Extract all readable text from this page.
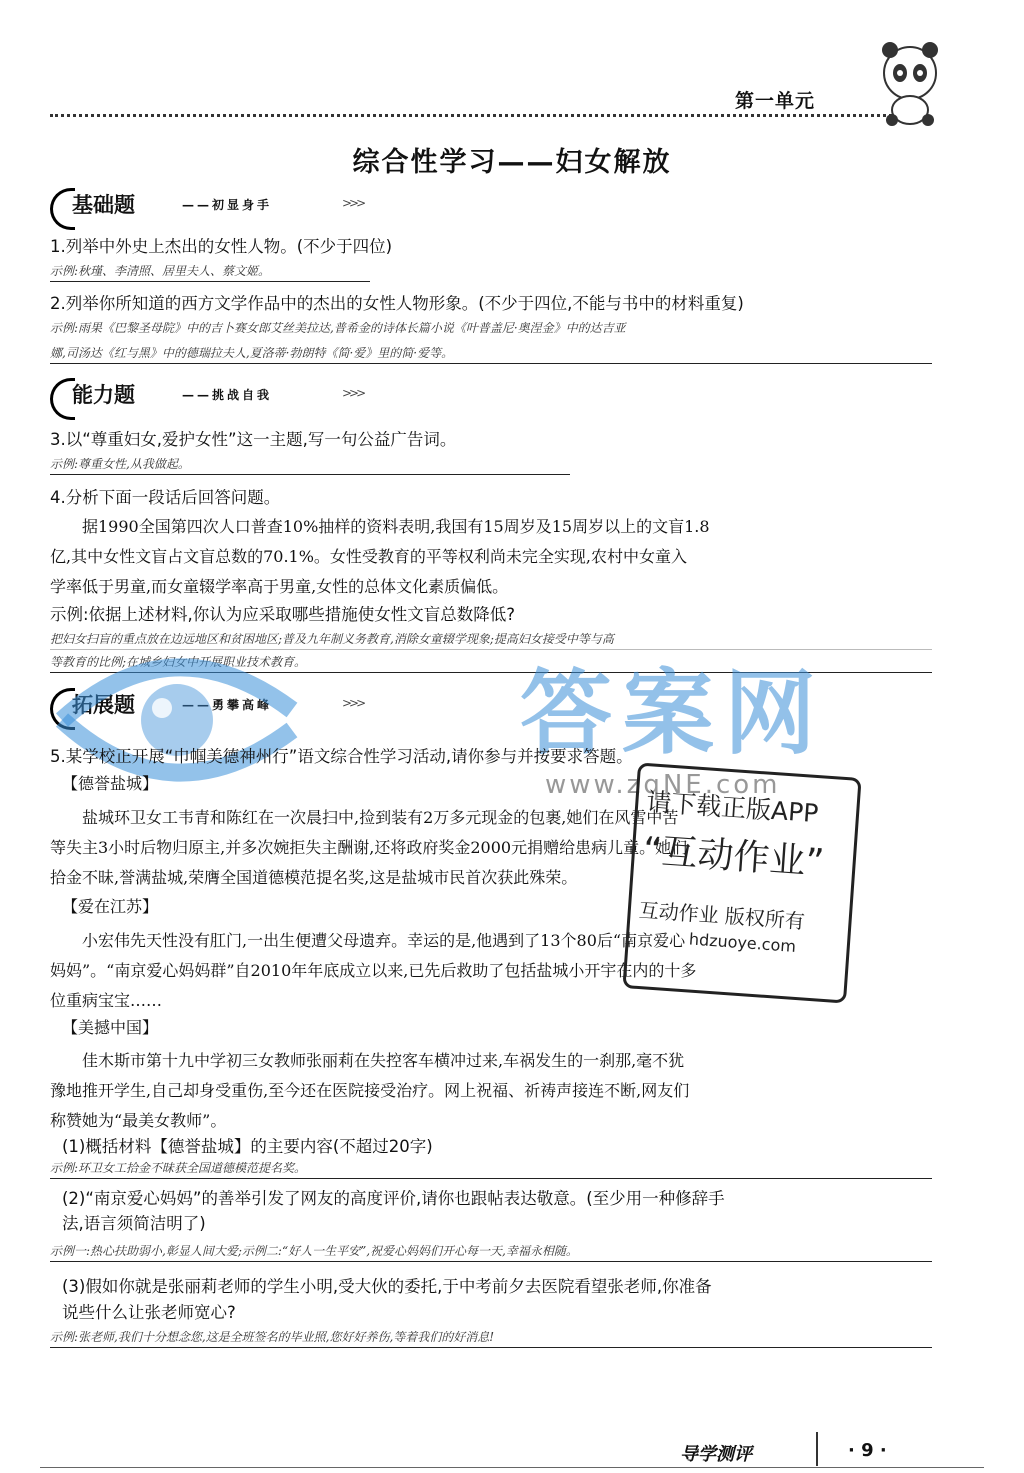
第一单元
综合性学习——妇女解放
基础题	——初显身手	>>>
1.列举中外史上杰出的女性人物。(不少于四位)
示例:秋瑾、李清照、居里夫人、蔡文姬。
2.列举你所知道的西方文学作品中的杰出的女性人物形象。(不少于四位,不能与书中的材料重复)
示例:雨果《巴黎圣母院》中的吉卜赛女郎艾丝美拉达,普希金的诗体长篇小说《叶普盖尼·奥涅金》中的达吉亚
娜,司汤达《红与黑》中的德瑞拉夫人,夏洛蒂·勃朗特《简·爱》里的简·爱等。
能力题	——挑战自我	>>>
3.以“尊重妇女,爱护女性”这一主题,写一句公益广告词。
示例:尊重女性,从我做起。
4.分析下面一段话后回答问题。
据1990全国第四次人口普查10%抽样的资料表明,我国有15周岁及15周岁以上的文盲1.8
亿,其中女性文盲占文盲总数的70.1%。女性受教育的平等权利尚未完全实现,农村中女童入
学率低于男童,而女童辍学率高于男童,女性的总体文化素质偏低。
示例:依据上述材料,你认为应采取哪些措施使女性文盲总数降低?
把妇女扫盲的重点放在边远地区和贫困地区;普及九年制义务教育,消除女童辍学现象;提高妇女接受中等与高
等教育的比例;在城乡妇女中开展职业技术教育。
拓展题	——勇攀高峰	>>> 答案网
www.zqNE.com
5.某学校正开展“巾帼美德神州行”语文综合性学习活动,请你参与并按要求答题。
【德誉盐城】
盐城环卫女工韦青和陈红在一次晨扫中,捡到装有2万多元现金的包裹,她们在风雪中苦
等失主3小时后物归原主,并多次婉拒失主酬谢,还将政府奖金2000元捐赠给患病儿童。她们
拾金不昧,誉满盐城,荣膺全国道德模范提名奖,这是盐城市民首次获此殊荣。
【爱在江苏】
小宏伟先天性没有肛门,一出生便遭父母遗弃。幸运的是,他遇到了13个80后“南京爱心
妈妈”。“南京爱心妈妈群”自2010年年底成立以来,已先后救助了包括盐城小开宇在内的十多
位重病宝宝……
【美撼中国】
佳木斯市第十九中学初三女教师张丽莉在失控客车横冲过来,车祸发生的一刹那,毫不犹
豫地推开学生,自己却身受重伤,至今还在医院接受治疗。网上祝福、祈祷声接连不断,网友们
称赞她为“最美女教师”。
请下载正版APP
“互动作业”
互动作业 版权所有
hdzuoye.com
(1)概括材料【德誉盐城】的主要内容(不超过20字)
示例:环卫女工拾金不昧获全国道德模范提名奖。
(2)“南京爱心妈妈”的善举引发了网友的高度评价,请你也跟帖表达敬意。(至少用一种修辞手
法,语言须简洁明了)
示例一:热心扶助弱小,彰显人间大爱;示例二:“好人一生平安”,祝爱心妈妈们开心每一天,幸福永相随。
(3)假如你就是张丽莉老师的学生小明,受大伙的委托,于中考前夕去医院看望张老师,你准备
说些什么让张老师宽心?
示例:张老师,我们十分想念您,这是全班签名的毕业照,您好好养伤,等着我们的好消息!
导学测评	· 9 ·
